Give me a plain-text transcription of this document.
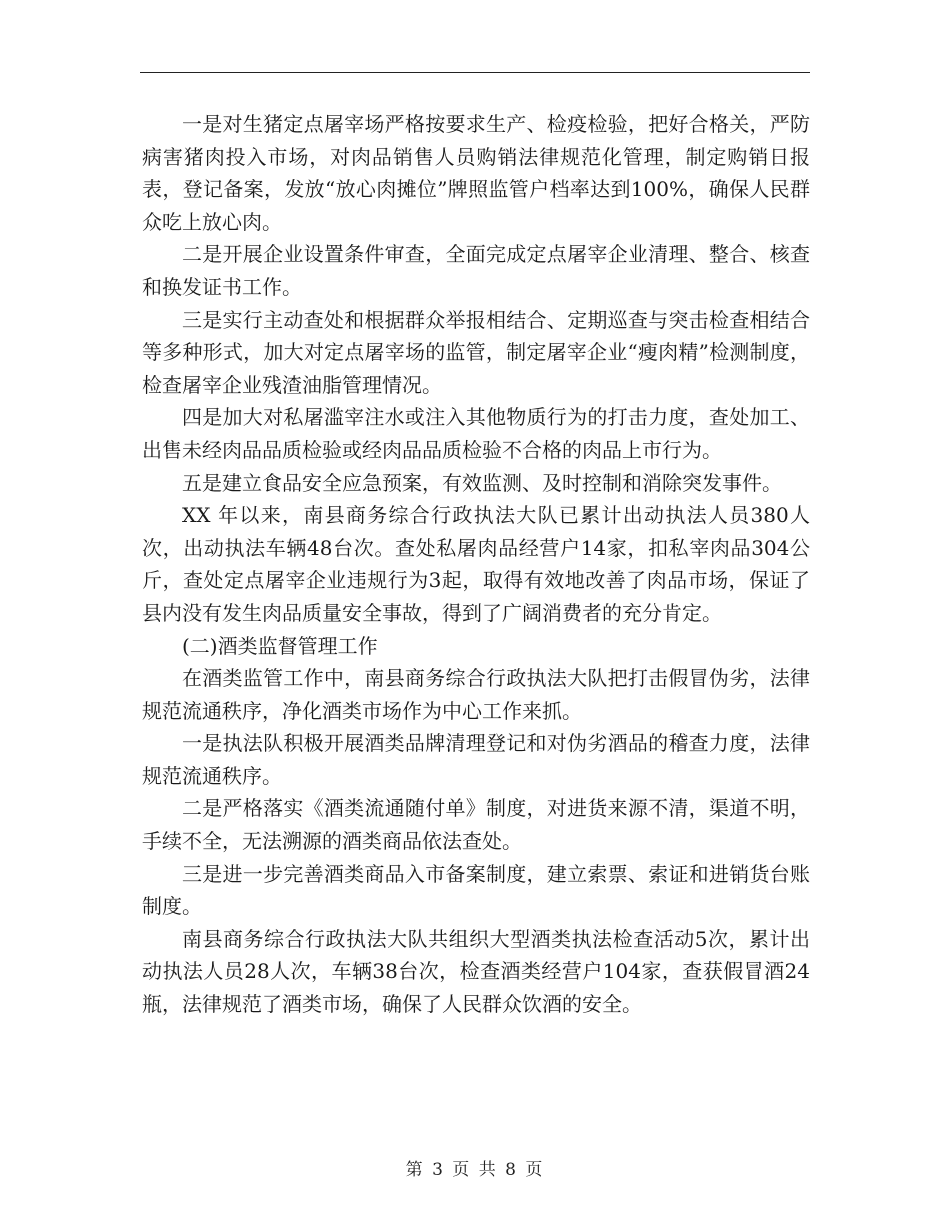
一是对生猪定点屠宰场严格按要求生产、检疫检验，把好合格关，严防病害猪肉投入市场，对肉品销售人员购销法律规范化管理，制定购销日报表，登记备案，发放“放心肉摊位”牌照监管户档率达到100%，确保人民群众吃上放心肉。

二是开展企业设置条件审查，全面完成定点屠宰企业清理、整合、核查和换发证书工作。

三是实行主动查处和根据群众举报相结合、定期巡查与突击检查相结合等多种形式，加大对定点屠宰场的监管，制定屠宰企业“瘦肉精”检测制度，检查屠宰企业残渣油脂管理情况。

四是加大对私屠滥宰注水或注入其他物质行为的打击力度，查处加工、出售未经肉品品质检验或经肉品品质检验不合格的肉品上市行为。

五是建立食品安全应急预案，有效监测、及时控制和消除突发事件。

XX 年以来，南县商务综合行政执法大队已累计出动执法人员380人次，出动执法车辆48台次。查处私屠肉品经营户14家，扣私宰肉品304公斤，查处定点屠宰企业违规行为3起，取得有效地改善了肉品市场，保证了县内没有发生肉品质量安全事故，得到了广阔消费者的充分肯定。

(二)酒类监督管理工作

在酒类监管工作中，南县商务综合行政执法大队把打击假冒伪劣，法律规范流通秩序，净化酒类市场作为中心工作来抓。

一是执法队积极开展酒类品牌清理登记和对伪劣酒品的稽查力度，法律规范流通秩序。

二是严格落实《酒类流通随付单》制度，对进货来源不清，渠道不明，手续不全，无法溯源的酒类商品依法查处。

三是进一步完善酒类商品入市备案制度，建立索票、索证和进销货台账制度。

南县商务综合行政执法大队共组织大型酒类执法检查活动5次，累计出动执法人员28人次，车辆38台次，检查酒类经营户104家，查获假冒酒24瓶，法律规范了酒类市场，确保了人民群众饮酒的安全。

第 3 页 共 8 页
